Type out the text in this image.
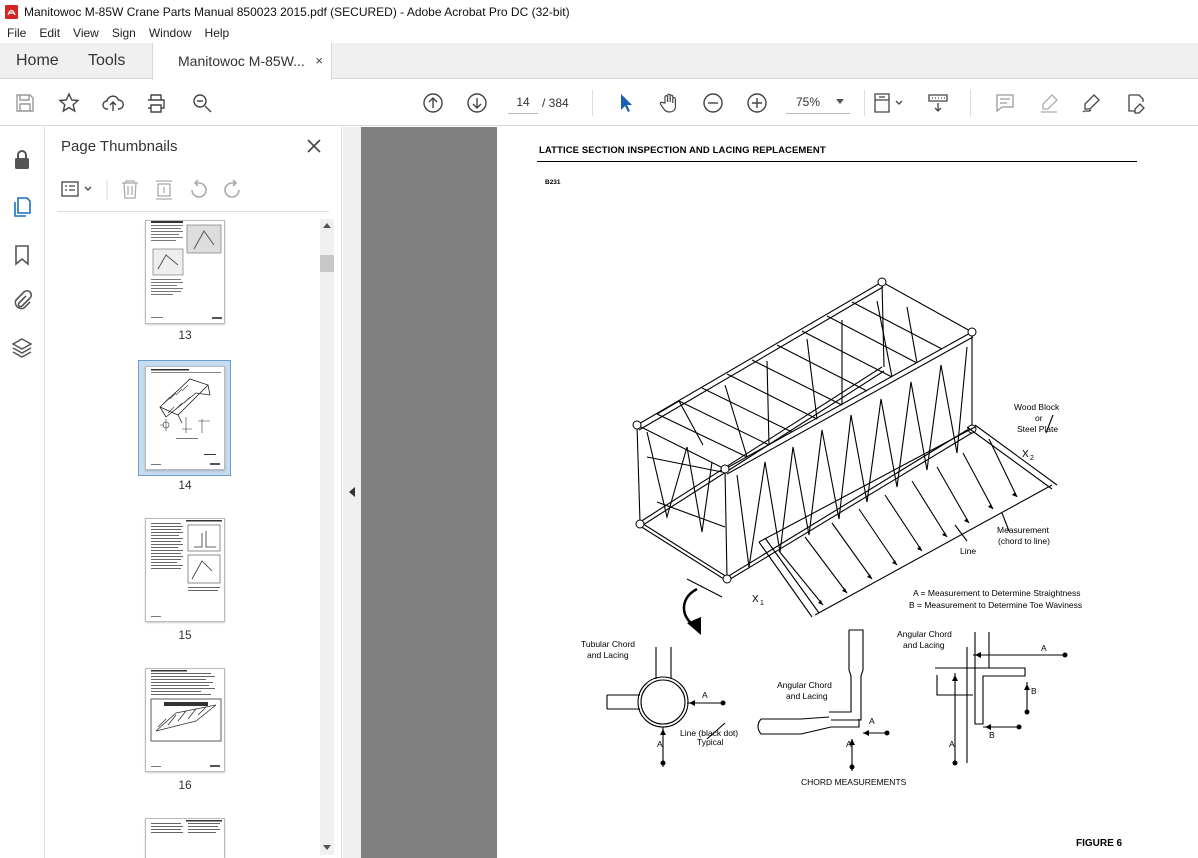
Manitowoc M-85W Crane Parts Manual 850023 2015.pdf (SECURED) - Adobe Acrobat Pro DC (32-bit)
File	Edit	View	Sign	Window	Help
Home Tools	Manitowoc M-85W... ×
14
/ 384	75%
Page Thumbnails
13
14
15
16
LATTICE SECTION INSPECTION AND LACING REPLACEMENT
B231
Wood Block
or
Steel Plate
X 2
Measurement
(chord to line)
Line
X 1
A = Measurement to Determine Straightness
B = Measurement to Determine Toe Waviness
Tubular Chord
and Lacing
A
A
Line (black dot)
Typical
Angular Chord
and Lacing
A
A
Angular Chord
and Lacing
A
A
B
B
CHORD MEASUREMENTS
FIGURE 6
